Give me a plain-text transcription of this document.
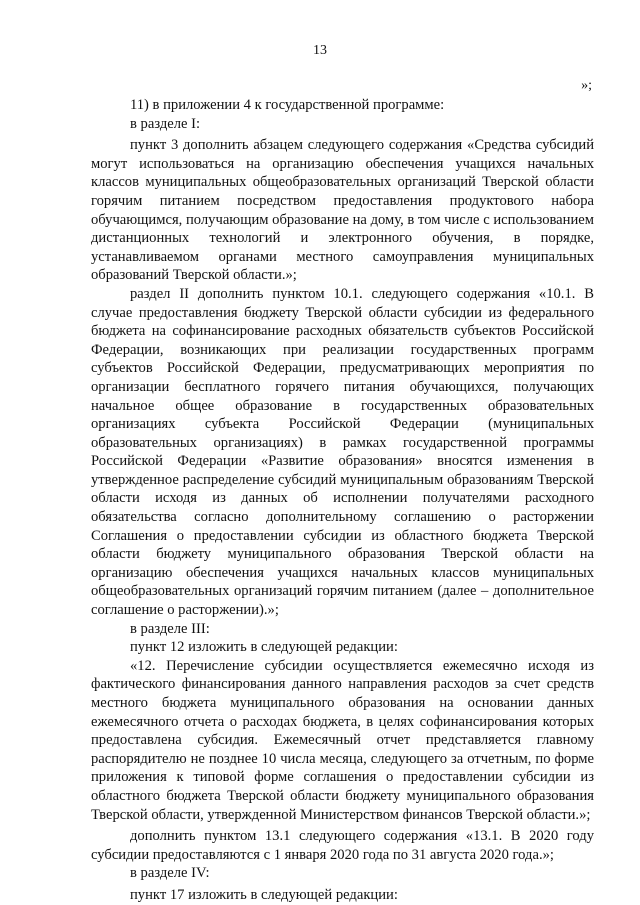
13
»;

11) в приложении 4 к государственной программе:

в разделе I:

пункт 3 дополнить абзацем следующего содержания «Средства субсидий могут использоваться на организацию обеспечения учащихся начальных классов муниципальных общеобразовательных организаций Тверской области горячим питанием посредством предоставления продуктового набора обучающимся, получающим образование на дому, в том числе с использованием дистанционных технологий и электронного обучения, в порядке, устанавливаемом органами местного самоуправления муниципальных образований Тверской области.»;

раздел II дополнить пунктом 10.1. следующего содержания «10.1. В случае предоставления бюджету Тверской области субсидии из федерального бюджета на софинансирование расходных обязательств субъектов Российской Федерации, возникающих при реализации государственных программ субъектов Российской Федерации, предусматривающих мероприятия по организации бесплатного горячего питания обучающихся, получающих начальное общее образование в государственных образовательных организациях субъекта Российской Федерации (муниципальных образовательных организациях) в рамках государственной программы Российской Федерации «Развитие образования» вносятся изменения в утвержденное распределение субсидий муниципальным образованиям Тверской области исходя из данных об исполнении получателями расходного обязательства согласно дополнительному соглашению о расторжении Соглашения о предоставлении субсидии из областного бюджета Тверской области бюджету муниципального образования Тверской области на организацию обеспечения учащихся начальных классов муниципальных общеобразовательных организаций горячим питанием (далее – дополнительное соглашение о расторжении).»;

в разделе III:

пункт 12 изложить в следующей редакции:

«12. Перечисление субсидии осуществляется ежемесячно исходя из фактического финансирования данного направления расходов за счет средств местного бюджета муниципального образования на основании данных ежемесячного отчета о расходах бюджета, в целях софинансирования которых предоставлена субсидия. Ежемесячный отчет представляется главному распорядителю не позднее 10 числа месяца, следующего за отчетным, по форме приложения к типовой форме соглашения о предоставлении субсидии из областного бюджета Тверской области бюджету муниципального образования Тверской области, утвержденной Министерством финансов Тверской области.»;

дополнить пунктом 13.1 следующего содержания «13.1. В 2020 году субсидии предоставляются с 1 января 2020 года по 31 августа 2020 года.»;

в разделе IV:

пункт 17 изложить в следующей редакции:
